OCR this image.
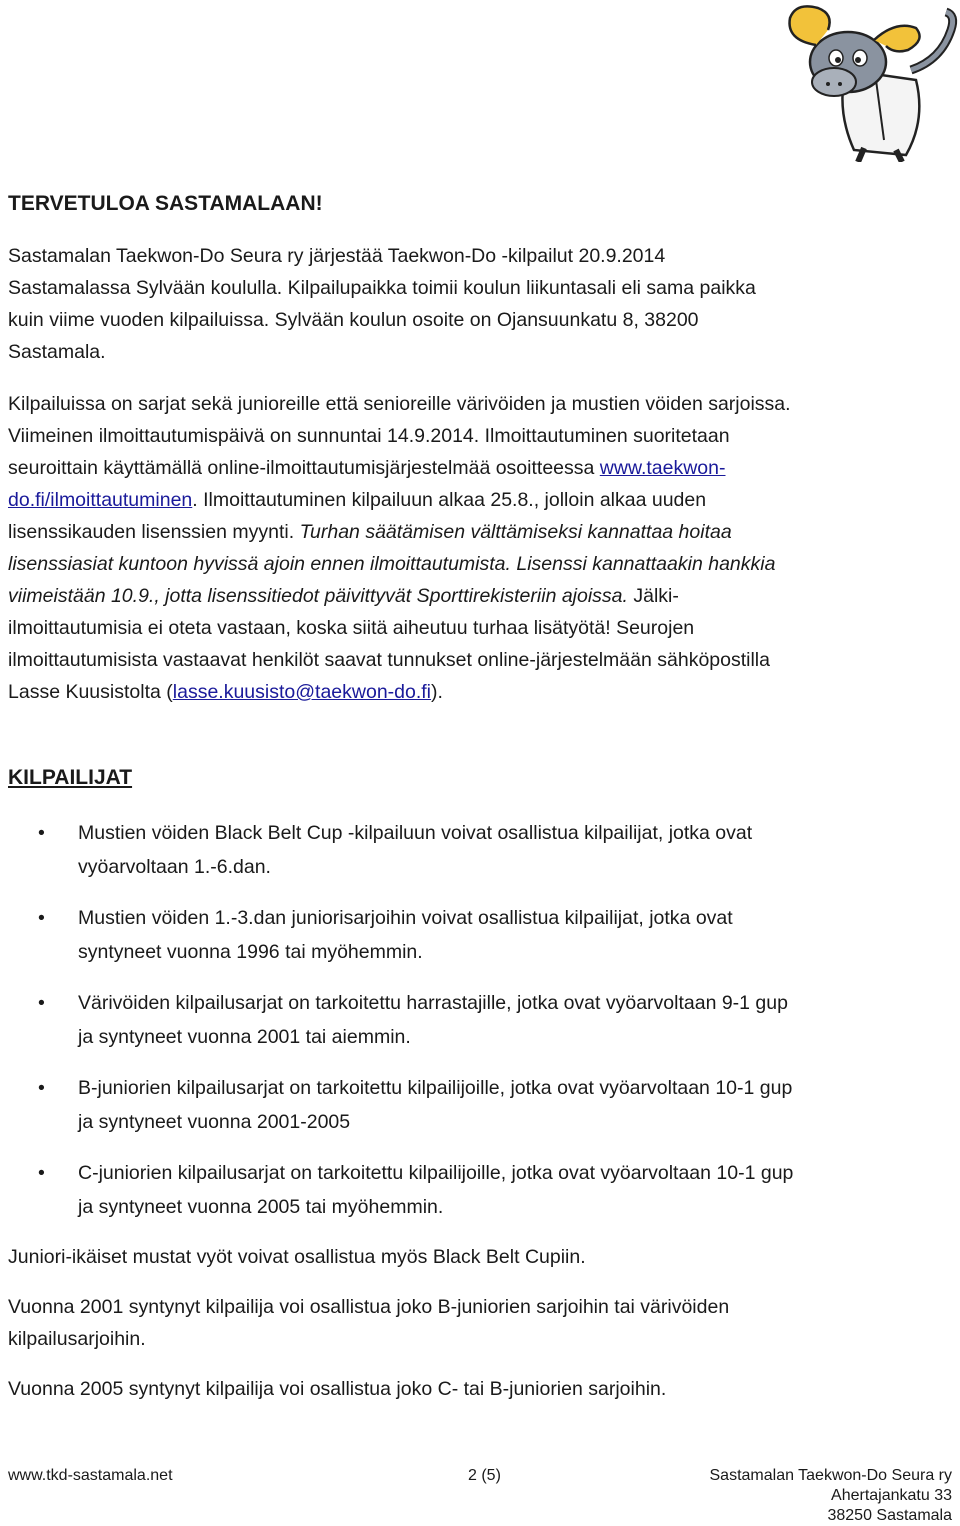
TERVETULOA SASTAMALAAN!

Sastamalan Taekwon-Do Seura ry järjestää Taekwon-Do -kilpailut 20.9.2014
Sastamalassa Sylvään koululla. Kilpailupaikka toimii koulun liikuntasali eli sama paikka
kuin viime vuoden kilpailuissa. Sylvään koulun osoite on Ojansuunkatu 8, 38200
Sastamala.

Kilpailuissa on sarjat sekä junioreille että senioreille värivöiden ja mustien vöiden sarjoissa.
Viimeinen ilmoittautumispäivä on sunnuntai 14.9.2014. Ilmoittautuminen suoritetaan
seuroittain käyttämällä online-ilmoittautumisjärjestelmää osoitteessa www.taekwon-
do.fi/ilmoittautuminen. Ilmoittautuminen kilpailuun alkaa 25.8., jolloin alkaa uuden
lisenssikauden lisenssien myynti. Turhan säätämisen välttämiseksi kannattaa hoitaa
lisenssiasiat kuntoon hyvissä ajoin ennen ilmoittautumista. Lisenssi kannattaakin hankkia
viimeistään 10.9., jotta lisenssitiedot päivittyvät Sporttirekisteriin ajoissa. Jälki-
ilmoittautumisia ei oteta vastaan, koska siitä aiheutuu turhaa lisätyötä! Seurojen
ilmoittautumisista vastaavat henkilöt saavat tunnukset online-järjestelmään sähköpostilla
Lasse Kuusistolta (lasse.kuusisto@taekwon-do.fi).

KILPAILIJAT
• Mustien vöiden Black Belt Cup -kilpailuun voivat osallistua kilpailijat, jotka ovat
vyöarvoltaan 1.-6.dan.
• Mustien vöiden 1.-3.dan juniorisarjoihin voivat osallistua kilpailijat, jotka ovat
syntyneet vuonna 1996 tai myöhemmin.
• Värivöiden kilpailusarjat on tarkoitettu harrastajille, jotka ovat vyöarvoltaan 9-1 gup
ja syntyneet vuonna 2001 tai aiemmin.
• B-juniorien kilpailusarjat on tarkoitettu kilpailijoille, jotka ovat vyöarvoltaan 10-1 gup
ja syntyneet vuonna 2001-2005
• C-juniorien kilpailusarjat on tarkoitettu kilpailijoille, jotka ovat vyöarvoltaan 10-1 gup
ja syntyneet vuonna 2005 tai myöhemmin.

Juniori-ikäiset mustat vyöt voivat osallistua myös Black Belt Cupiin.

Vuonna 2001 syntynyt kilpailija voi osallistua joko B-juniorien sarjoihin tai värivöiden
kilpailusarjoihin.

Vuonna 2005 syntynyt kilpailija voi osallistua joko C- tai B-juniorien sarjoihin.

www.tkd-sastamala.net	2 (5)	Sastamalan Taekwon-Do Seura ry
Ahertajankatu 33
38250 Sastamala
